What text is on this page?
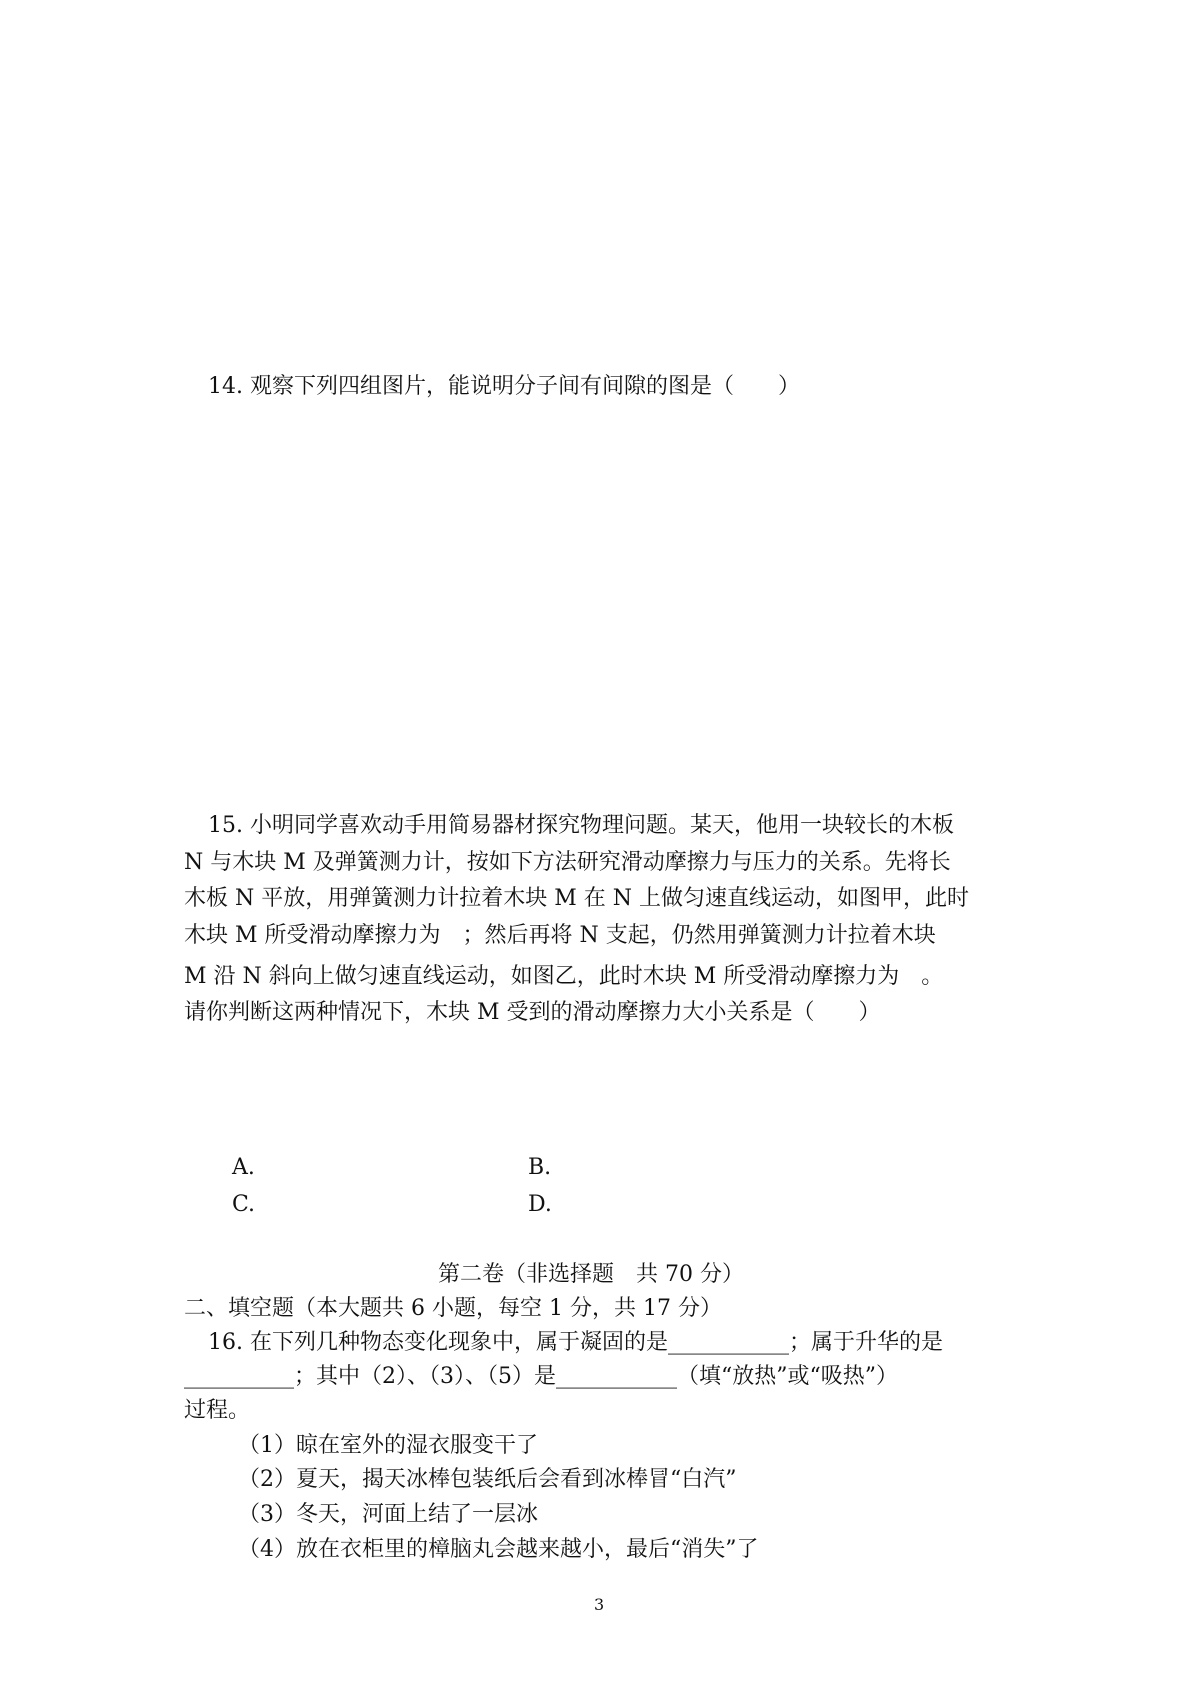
14. 观察下列四组图片，能说明分子间有间隙的图是（　　）
15. 小明同学喜欢动手用简易器材探究物理问题。某天，他用一块较长的木板
N 与木块 M 及弹簧测力计，按如下方法研究滑动摩擦力与压力的关系。先将长
木板 N 平放，用弹簧测力计拉着木块 M 在 N 上做匀速直线运动，如图甲，此时
木块 M 所受滑动摩擦力为　；然后再将 N 支起，仍然用弹簧测力计拉着木块
M 沿 N 斜向上做匀速直线运动，如图乙，此时木块 M 所受滑动摩擦力为　。
请你判断这两种情况下，木块 M 受到的滑动摩擦力大小关系是（　　）
A.	B.
C.	D.
第二卷（非选择题　共 70 分）
二、填空题（本大题共 6 小题，每空 1 分，共 17 分）
16. 在下列几种物态变化现象中，属于凝固的是___________；属于升华的是
__________；其中（2）、（3）、（5）是___________（填“放热”或“吸热”）
过程。
（1）晾在室外的湿衣服变干了
（2）夏天，揭天冰棒包装纸后会看到冰棒冒“白汽”
（3）冬天，河面上结了一层冰
（4）放在衣柜里的樟脑丸会越来越小，最后“消失”了
3
